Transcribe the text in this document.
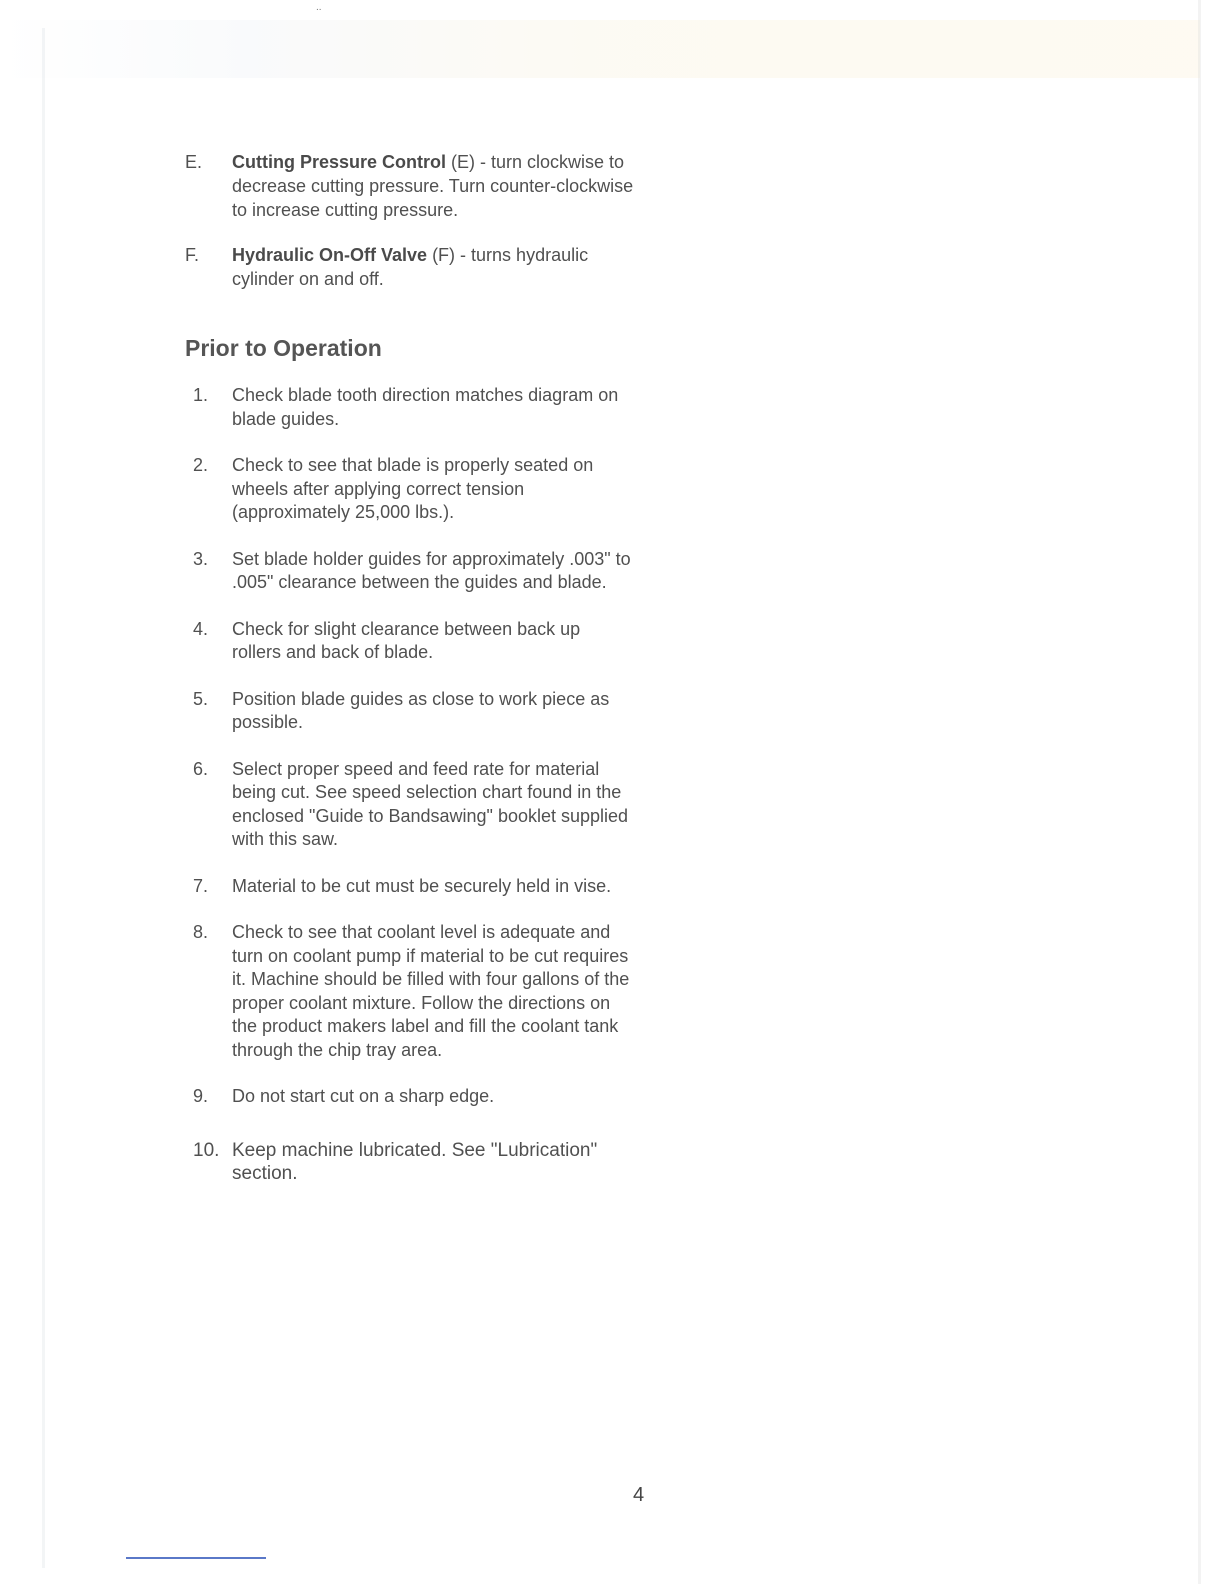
..
E.	Cutting Pressure Control (E) - turn clockwise to decrease cutting pressure. Turn counter-clockwise to increase cutting pressure.
F.	Hydraulic On-Off Valve (F) - turns hydraulic cylinder on and off.
Prior to Operation
1.	Check blade tooth direction matches diagram on blade guides.
2.	Check to see that blade is properly seated on wheels after applying correct tension (approximately 25,000 lbs.).
3.	Set blade holder guides for approximately .003" to .005" clearance between the guides and blade.
4.	Check for slight clearance between back up rollers and back of blade.
5.	Position blade guides as close to work piece as possible.
6.	Select proper speed and feed rate for material being cut. See speed selection chart found in the enclosed "Guide to Bandsawing" booklet supplied with this saw.
7.	Material to be cut must be securely held in vise.
8.	Check to see that coolant level is adequate and turn on coolant pump if material to be cut requires it. Machine should be filled with four gallons of the proper coolant mixture. Follow the directions on the product makers label and fill the coolant tank through the chip tray area.
9.	Do not start cut on a sharp edge.
10. Keep machine lubricated. See "Lubrication" section.
4
